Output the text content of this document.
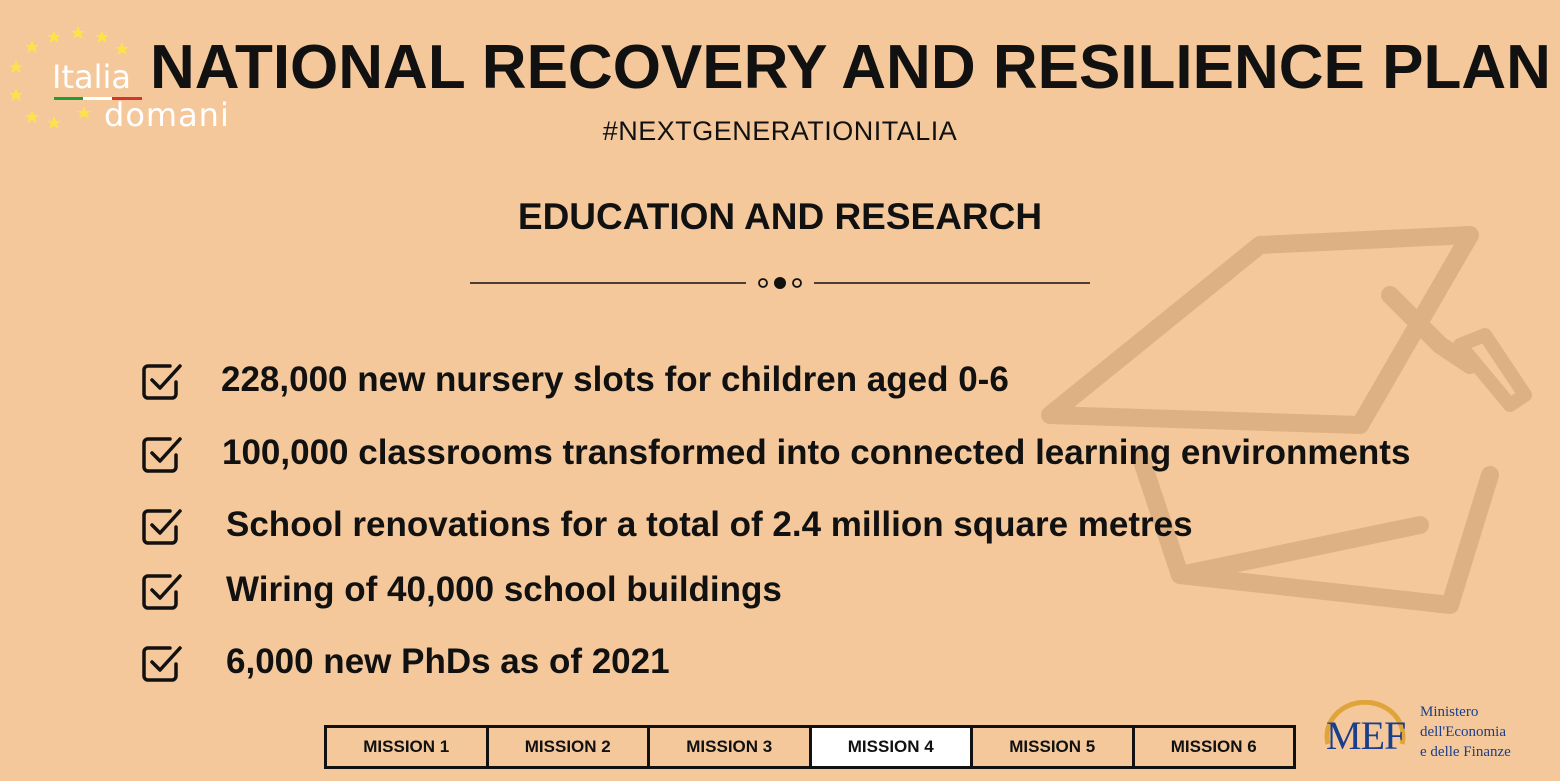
Italia
domani
NATIONAL RECOVERY AND RESILIENCE PLAN
#NEXTGENERATIONITALIA
EDUCATION AND RESEARCH
228,000 new nursery slots for children aged 0-6
100,000 classrooms transformed into connected learning environments
School renovations for a total of 2.4 million square metres
Wiring of 40,000 school buildings
6,000 new PhDs as of 2021
MISSION 1	MISSION 2	MISSION 3	MISSION 4	MISSION 5	MISSION 6	MEF
Ministero
dell'Economia
e delle Finanze
